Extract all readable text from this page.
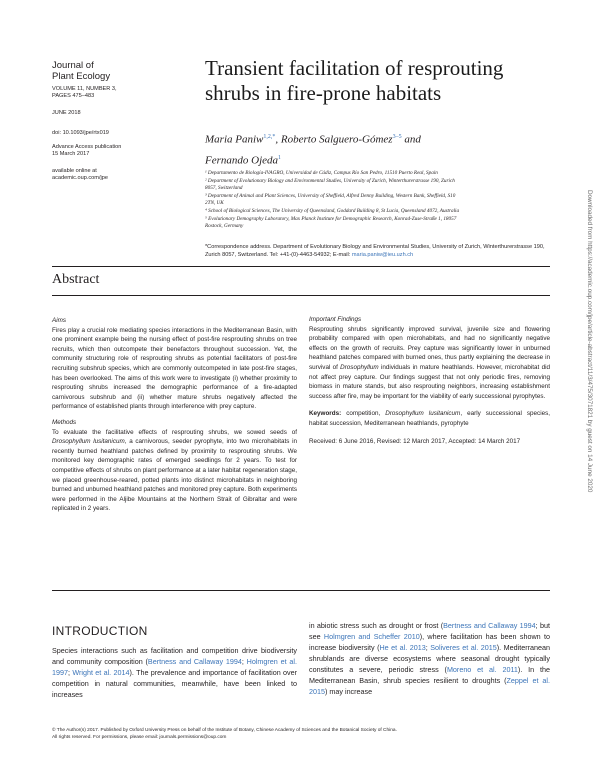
Journal of
Plant Ecology
VOLUME 11, NUMBER 3,
PAGES 475–483
JUNE 2018
doi: 10.1093/jpe/rtx019
Advance Access publication
15 March 2017
available online at
academic.oup.com/jpe
Transient facilitation of resprouting shrubs in fire-prone habitats
Maria Paniw$^{1,2,*}$, Roberto Salguero-Gómez$^{3-5}$ and
Fernando Ojeda$^1$
¹ Departamento de Biología-IVAGRO, Universidad de Cádiz, Campus Río San Pedro, 11510 Puerto Real, Spain
² Department of Evolutionary Biology and Environmental Studies, University of Zurich, Winterthurerstrasse 190, Zurich
8057, Switzerland
³ Department of Animal and Plant Sciences, University of Sheffield, Alfred Denny Building, Western Bank, Sheffield, S10
2TN, UK
⁴ School of Biological Sciences, The University of Queensland, Goddard Building 8, St Lucia, Queensland 4072, Australia
⁵ Evolutionary Demography Laboratory, Max Planck Institute for Demographic Research, Konrad-Zuse-Straße 1, 18057
Rostock, Germany
*Correspondence address. Department of Evolutionary Biology and Environmental Studies, University of Zurich, Winterthurerstrasse 190, Zurich 8057, Switzerland. Tel: +41-(0)-4463-54932; E-mail: maria.paniw@ieu.uzh.ch
Abstract

Aims

Fires play a crucial role mediating species interactions in the Mediterranean Basin, with one prominent example being the nursing effect of post-fire resprouting shrubs on tree recruits, which then outcompete their benefactors throughout succession. Yet, the community structuring role of resprouting shrubs as potential facilitators of post-fire recruiting subshrub species, which are commonly outcompeted in late post-fire stages, has been overlooked. The aims of this work were to investigate (i) whether proximity to resprouting shrubs increased the demographic performance of a fire-adapted carnivorous subshrub and (ii) whether mature shrubs negatively affected the performance of established plants through interference with prey capture.

Methods

To evaluate the facilitative effects of resprouting shrubs, we sowed seeds of Drosophyllum lusitanicum, a carnivorous, seeder pyrophyte, into two microhabitats in recently burned heathland patches defined by proximity to resprouting shrubs. We monitored key demographic rates of emerged seedlings for 2 years. To test for competitive effects of shrubs on plant performance at a later habitat regeneration stage, we placed greenhouse-reared, potted plants into distinct microhabitats in neighboring burned and unburned heathland patches and monitored prey capture. Both experiments were performed in the Aljibe Mountains at the Northern Strait of Gibraltar and were replicated in 2 years.

Important Findings

Resprouting shrubs significantly improved survival, juvenile size and flowering probability compared with open microhabitats, and had no significantly negative effects on the growth of recruits. Prey capture was significantly lower in unburned heathland patches compared with burned ones, thus partly explaining the decrease in survival of Drosophyllum individuals in mature heathlands. However, microhabitat did not affect prey capture. Our findings suggest that not only periodic fires, removing biomass in mature stands, but also resprouting neighbors, increasing establishment success after fire, may be important for the viability of early successional pyrophytes.

Keywords: competition, Drosophyllum lusitanicum, early successional species, habitat succession, Mediterranean heathlands, pyrophyte

Received: 6 June 2016, Revised: 12 March 2017, Accepted: 14 March 2017

INTRODUCTION
Species interactions such as facilitation and competition drive biodiversity and community composition (Bertness and Callaway 1994; Holmgren et al. 1997; Wright et al. 2014). The prevalence and importance of facilitation over competition in natural communities, meanwhile, have been linked to increases
in abiotic stress such as drought or frost (Bertness and Callaway 1994; but see Holmgren and Scheffer 2010), where facilitation has been shown to increase biodiversity (He et al. 2013; Soliveres et al. 2015). Mediterranean shrublands are diverse ecosystems where seasonal drought typically constitutes a severe, periodic stress (Moreno et al. 2011). In the Mediterranean Basin, shrub species resilient to droughts (Zeppel et al. 2015) may increase
© The Author(s) 2017. Published by Oxford University Press on behalf of the Institute of Botany, Chinese Academy of Sciences and the Botanical Society of China.
All rights reserved. For permissions, please email: journals.permissions@oup.com
Downloaded from https://academic.oup.com/jpe/article-abstract/11/3/475/3071821 by guest on 14 June 2020
